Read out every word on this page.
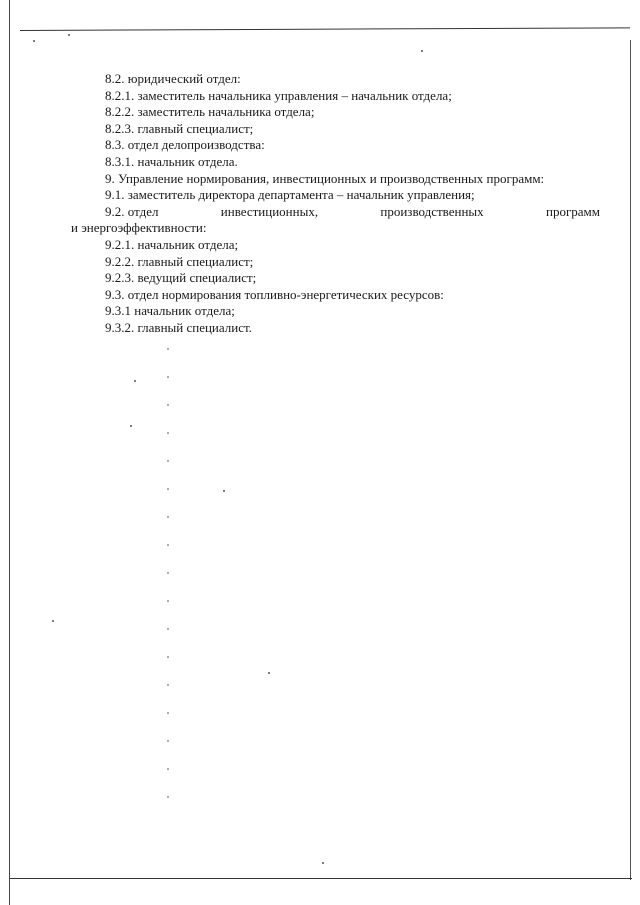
8.2. юридический отдел:
8.2.1. заместитель начальника управления – начальник отдела;
8.2.2. заместитель начальника отдела;
8.2.3. главный специалист;
8.3. отдел делопроизводства:
8.3.1. начальник отдела.
9. Управление нормирования, инвестиционных и производственных программ:
9.1. заместитель директора департамента – начальник управления;
9.2. отдел	инвестиционных,	производственных	программ
и энергоэффективности:
9.2.1. начальник отдела;
9.2.2. главный специалист;
9.2.3. ведущий специалист;
9.3. отдел нормирования топливно-энергетических ресурсов:
9.3.1 начальник отдела;
9.3.2. главный специалист.
